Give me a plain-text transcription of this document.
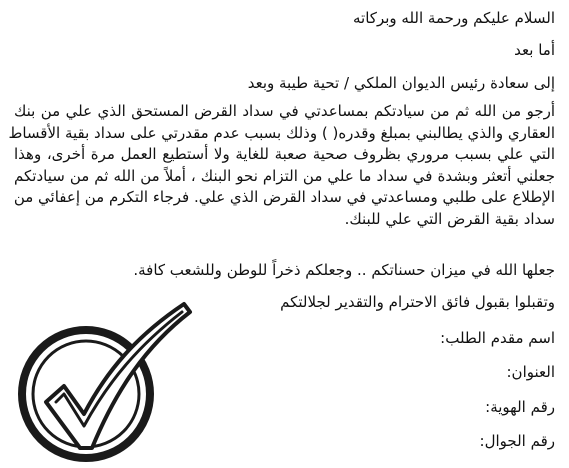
السلام عليكم ورحمة الله وبركاته
أما بعد
إلى سعادة رئيس الديوان الملكي / تحية طيبة وبعد
أرجو من الله ثم من سيادتكم بمساعدتي في سداد القرض المستحق الذي علي من بنك
العقاري والذي يطالبني بمبلغ وقدره( ) وذلك بسبب عدم مقدرتي على سداد بقية الأقساط
التي علي بسبب مروري بظروف صحية صعبة للغاية ولا أستطيع العمل مرة أخرى، وهذا
جعلني أتعثر وبشدة في سداد ما علي من التزام نحو البنك ، أملاً من الله ثم من سيادتكم
الإطلاع على طلبي ومساعدتي في سداد القرض الذي علي. فرجاء التكرم من إعفائي من
سداد بقية القرض التي علي للبنك.
جعلها الله في ميزان حسناتكم .. وجعلكم ذخراً للوطن وللشعب كافة.
وتقبلوا بقبول فائق الاحترام والتقدير لجلالتكم
اسم مقدم الطلب:
العنوان:
رقم الهوية:
رقم الجوال:
